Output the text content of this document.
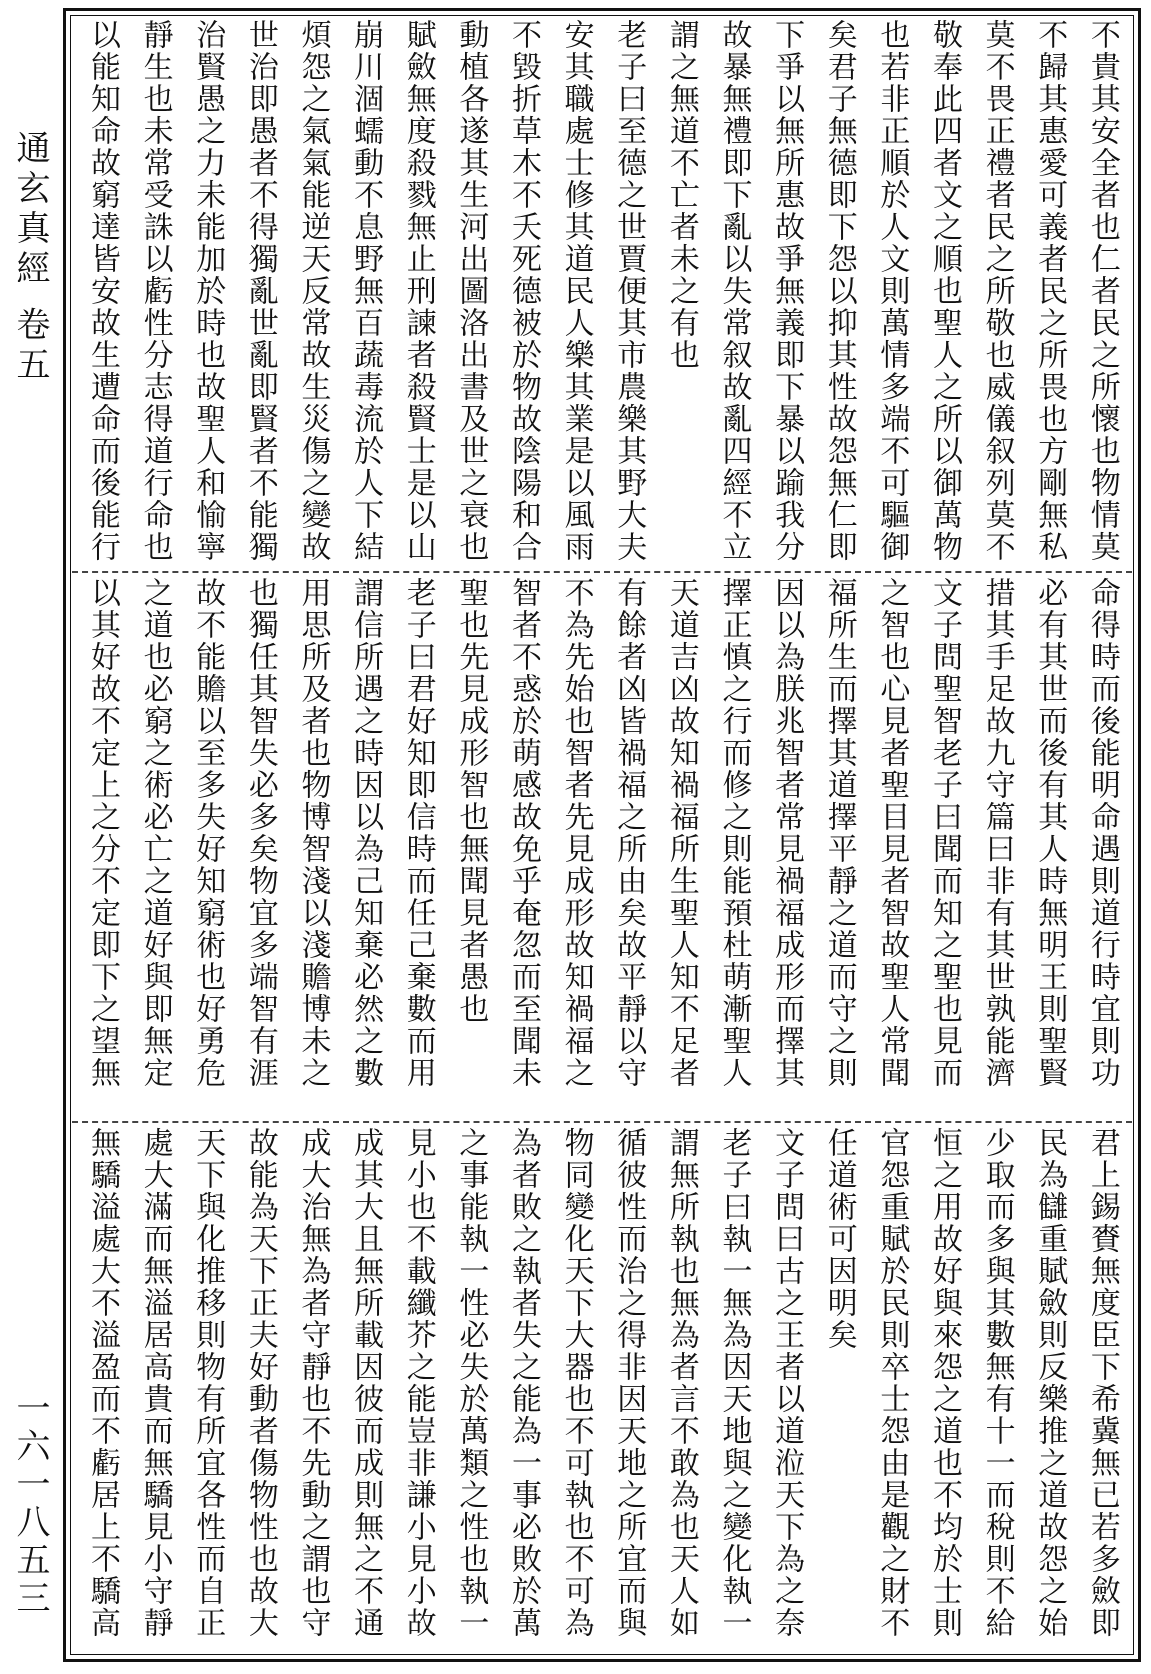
通玄真經 卷五
一六一八五三
不貴其安全者也仁者民之所懷也物情莫
不歸其惠愛可義者民之所畏也方剛無私
莫不畏正禮者民之所敬也威儀叙列莫不
敬奉此四者文之順也聖人之所以御萬物
也若非正順於人文則萬情多端不可驅御
矣君子無德即下怨以抑其性故怨無仁即
下爭以無所惠故爭無義即下暴以踰我分
故暴無禮即下亂以失常叙故亂四經不立
謂之無道不亡者未之有也
老子曰至德之世賈便其市農樂其野大夫
安其職處士修其道民人樂其業是以風雨
不毀折草木不夭死德被於物故陰陽和合
動植各遂其生河出圖洛出書及世之衰也
賦斂無度殺戮無止刑諫者殺賢士是以山
崩川涸蠕動不息野無百蔬毒流於人下結
煩怨之氣氣能逆天反常故生災傷之變故
世治即愚者不得獨亂世亂即賢者不能獨
治賢愚之力未能加於時也故聖人和愉寧
靜生也未常受誅以虧性分志得道行命也
以能知命故窮達皆安故生遭命而後能行
命得時而後能明命遇則道行時宜則功
必有其世而後有其人時無明王則聖賢
措其手足故九守篇曰非有其世孰能濟
文子問聖智老子曰聞而知之聖也見而
之智也心見者聖目見者智故聖人常聞
福所生而擇其道擇平靜之道而守之則
因以為朕兆智者常見禍福成形而擇其
擇正慎之行而修之則能預杜萌漸聖人
天道吉凶故知禍福所生聖人知不足者
有餘者凶皆禍福之所由矣故平靜以守
不為先始也智者先見成形故知禍福之
智者不惑於萌感故免乎奄忽而至聞未
聖也先見成形智也無聞見者愚也
老子曰君好知即信時而任己棄數而用
謂信所遇之時因以為己知棄必然之數
用思所及者也物博智淺以淺贍博未之
也獨任其智失必多矣物宜多端智有涯
故不能贍以至多失好知窮術也好勇危
之道也必窮之術必亡之道好與即無定
以其好故不定上之分不定即下之望無
君上錫賚無度臣下希冀無已若多斂即
民為讎重賦斂則反樂推之道故怨之始
少取而多與其數無有十一而稅則不給
恒之用故好與來怨之道也不均於士則
官怨重賦於民則卒士怨由是觀之財不
任道術可因明矣
文子問曰古之王者以道涖天下為之奈
老子曰執一無為因天地與之變化執一
謂無所執也無為者言不敢為也天人如
循彼性而治之得非因天地之所宜而與
物同變化天下大器也不可執也不可為
為者敗之執者失之能為一事必敗於萬
之事能執一性必失於萬類之性也執一
見小也不載纖芥之能豈非謙小見小故
成其大且無所載因彼而成則無之不通
成大治無為者守靜也不先動之謂也守
故能為天下正夫好動者傷物性也故大
天下與化推移則物有所宜各性而自正
處大滿而無溢居高貴而無驕見小守靜
無驕溢處大不溢盈而不虧居上不驕高
